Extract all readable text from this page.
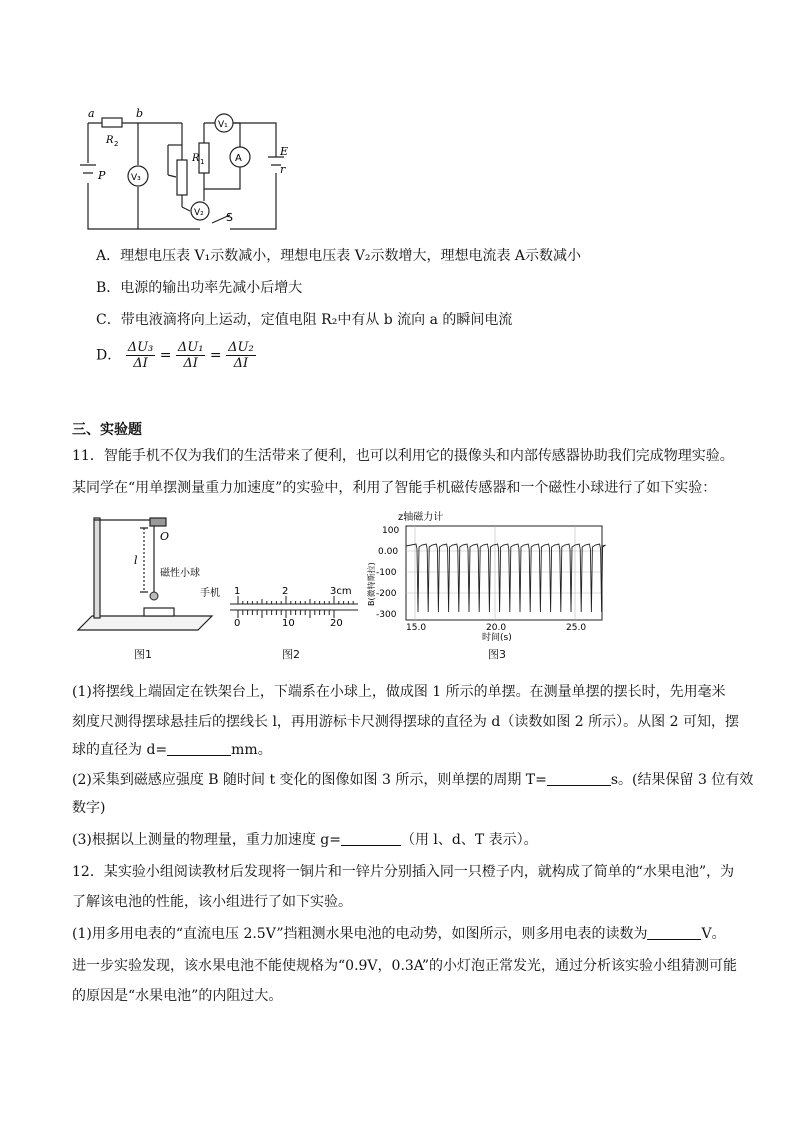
a	b
R 2
R 1
V₃
V₁
A
V₂
E
r
P
S
A．理想电压表 V₁示数减小，理想电压表 V₂示数增大，理想电流表 A示数减小
B．电源的输出功率先减小后增大
C．带电液滴将向上运动，定值电阻 R₂中有从 b 流向 a 的瞬间电流
D． $\frac{\text{ΔU₃}}{\Delta I} = \frac{\text{ΔU₁}}{\Delta I} = \frac{\text{ΔU₂}}{\Delta I}$
三、实验题
11．智能手机不仅为我们的生活带来了便利，也可以利用它的摄像头和内部传感器协助我们完成物理实验。
某同学在“用单摆测量重力加速度”的实验中，利用了智能手机磁传感器和一个磁性小球进行了如下实验：
O
l
磁性小球
手机
图1
1	2	3cm
0	10	20
图2
z轴磁力计
100
0.00
-100
-200
-300
15.0	20.0	25.0
时间(s)
B(微特斯拉)
图3
(1)将摆线上端固定在铁架台上，下端系在小球上，做成图 1 所示的单摆。在测量单摆的摆长时，先用毫米
刻度尺测得摆球悬挂后的摆线长 l，再用游标卡尺测得摆球的直径为 d（读数如图 2 所示）。从图 2 可知，摆
球的直径为 d=	mm。
(2)采集到磁感应强度 B 随时间 t 变化的图像如图 3 所示，则单摆的周期 T=	s。(结果保留 3 位有效
数字)
(3)根据以上测量的物理量，重力加速度 g=	（用 l、d、T 表示）。
12．某实验小组阅读教材后发现将一铜片和一锌片分别插入同一只橙子内，就构成了简单的“水果电池”，为
了解该电池的性能，该小组进行了如下实验。
(1)用多用电表的“直流电压 2.5V”挡粗测水果电池的电动势，如图所示，则多用电表的读数为	V。
进一步实验发现，该水果电池不能使规格为“0.9V，0.3A”的小灯泡正常发光，通过分析该实验小组猜测可能
的原因是“水果电池”的内阻过大。
